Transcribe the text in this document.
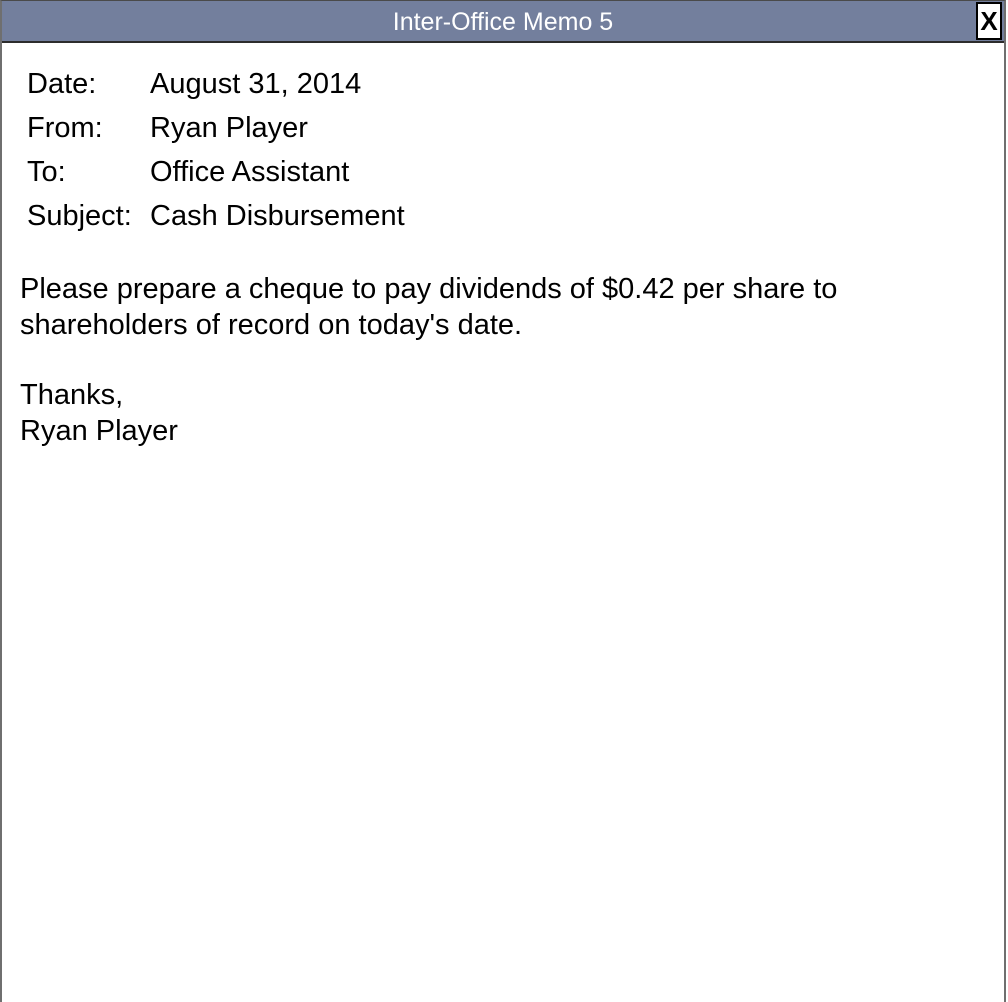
Inter-Office Memo 5	X
Date:	August 31, 2014
From:	Ryan Player
To:	Office Assistant
Subject: Cash Disbursement
Please prepare a cheque to pay dividends of $0.42 per share to shareholders of record on today's date.
Thanks,
Ryan Player
